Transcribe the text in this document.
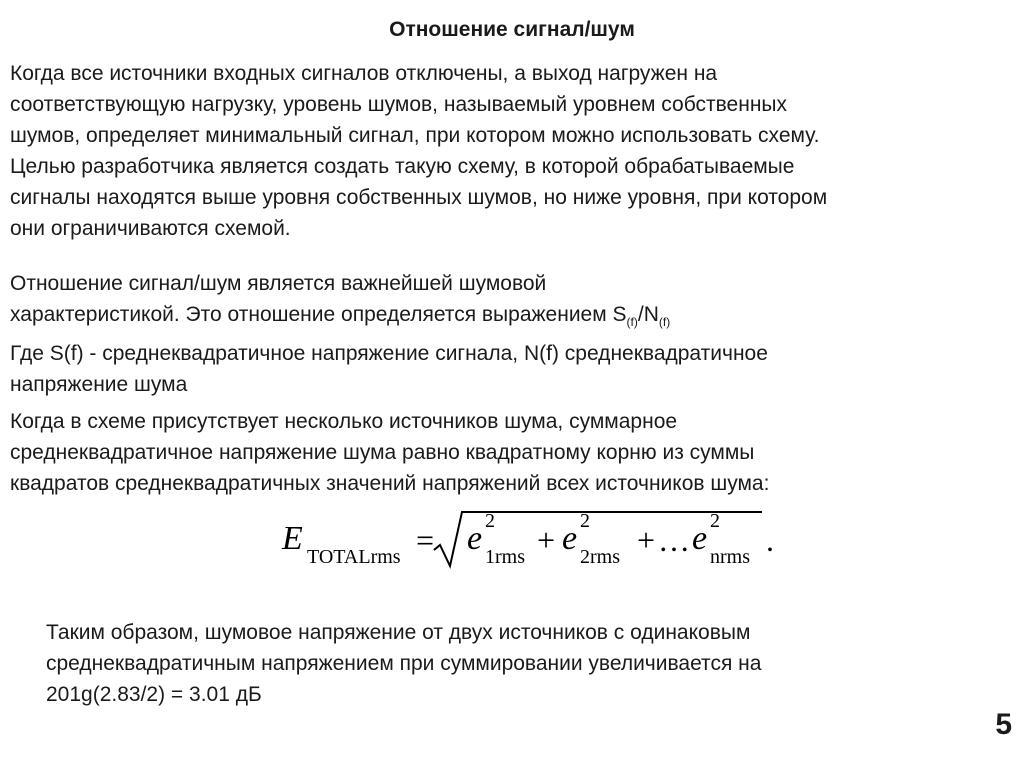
Отношение сигнал/шум
Когда все источники входных сигналов отключены, а выход нагружен на
соответствующую нагрузку, уровень шумов, называемый уровнем собственных
шумов, определяет минимальный сигнал, при котором можно использовать схему.
Целью разработчика является создать такую схему, в которой обрабатываемые
сигналы находятся выше уровня собственных шумов, но ниже уровня, при котором
они ограничиваются схемой.
Отношение сигнал/шум является важнейшей шумовой
характеристикой. Это отношение определяется выражением $S_{(f)}/N_{(f)}$
Где S(f) - среднеквадратичное напряжение сигнала, N(f) среднеквадратичное
напряжение шума
Когда в схеме присутствует несколько источников шума, суммарное
среднеквадратичное напряжение шума равно квадратному корню из суммы
квадратов среднеквадратичных значений напряжений всех источников шума:
E TOTALrms = e 2
1rms + e 2
2rms + … e 2
nrms .
Таким образом, шумовое напряжение от двух источников с одинаковым
среднеквадратичным напряжением при суммировании увеличивается на
201g(2.83/2) = 3.01 дБ
5
